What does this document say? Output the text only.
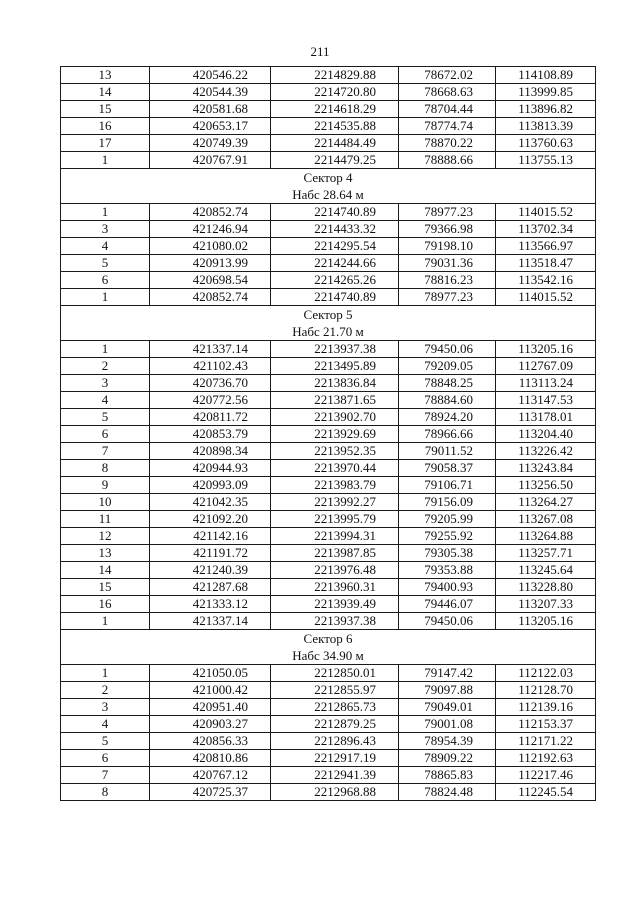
211
13	420546.22	2214829.88	78672.02	114108.89
14	420544.39	2214720.80	78668.63	113999.85
15	420581.68	2214618.29	78704.44	113896.82
16	420653.17	2214535.88	78774.74	113813.39
17	420749.39	2214484.49	78870.22	113760.63
1	420767.91	2214479.25	78888.66	113755.13

Сектор 4
Набс 28.64 м				

1	420852.74	2214740.89	78977.23	114015.52
3	421246.94	2214433.32	79366.98	113702.34
4	421080.02	2214295.54	79198.10	113566.97
5	420913.99	2214244.66	79031.36	113518.47
6	420698.54	2214265.26	78816.23	113542.16
1	420852.74	2214740.89	78977.23	114015.52

Сектор 5
Набс 21.70 м				

1	421337.14	2213937.38	79450.06	113205.16
2	421102.43	2213495.89	79209.05	112767.09
3	420736.70	2213836.84	78848.25	113113.24
4	420772.56	2213871.65	78884.60	113147.53
5	420811.72	2213902.70	78924.20	113178.01
6	420853.79	2213929.69	78966.66	113204.40
7	420898.34	2213952.35	79011.52	113226.42
8	420944.93	2213970.44	79058.37	113243.84
9	420993.09	2213983.79	79106.71	113256.50
10	421042.35	2213992.27	79156.09	113264.27
11	421092.20	2213995.79	79205.99	113267.08
12	421142.16	2213994.31	79255.92	113264.88
13	421191.72	2213987.85	79305.38	113257.71
14	421240.39	2213976.48	79353.88	113245.64
15	421287.68	2213960.31	79400.93	113228.80
16	421333.12	2213939.49	79446.07	113207.33
1	421337.14	2213937.38	79450.06	113205.16

Сектор 6
Набс 34.90 м				

1	421050.05	2212850.01	79147.42	112122.03
2	421000.42	2212855.97	79097.88	112128.70
3	420951.40	2212865.73	79049.01	112139.16
4	420903.27	2212879.25	79001.08	112153.37
5	420856.33	2212896.43	78954.39	112171.22
6	420810.86	2212917.19	78909.22	112192.63
7	420767.12	2212941.39	78865.83	112217.46
8	420725.37	2212968.88	78824.48	112245.54
